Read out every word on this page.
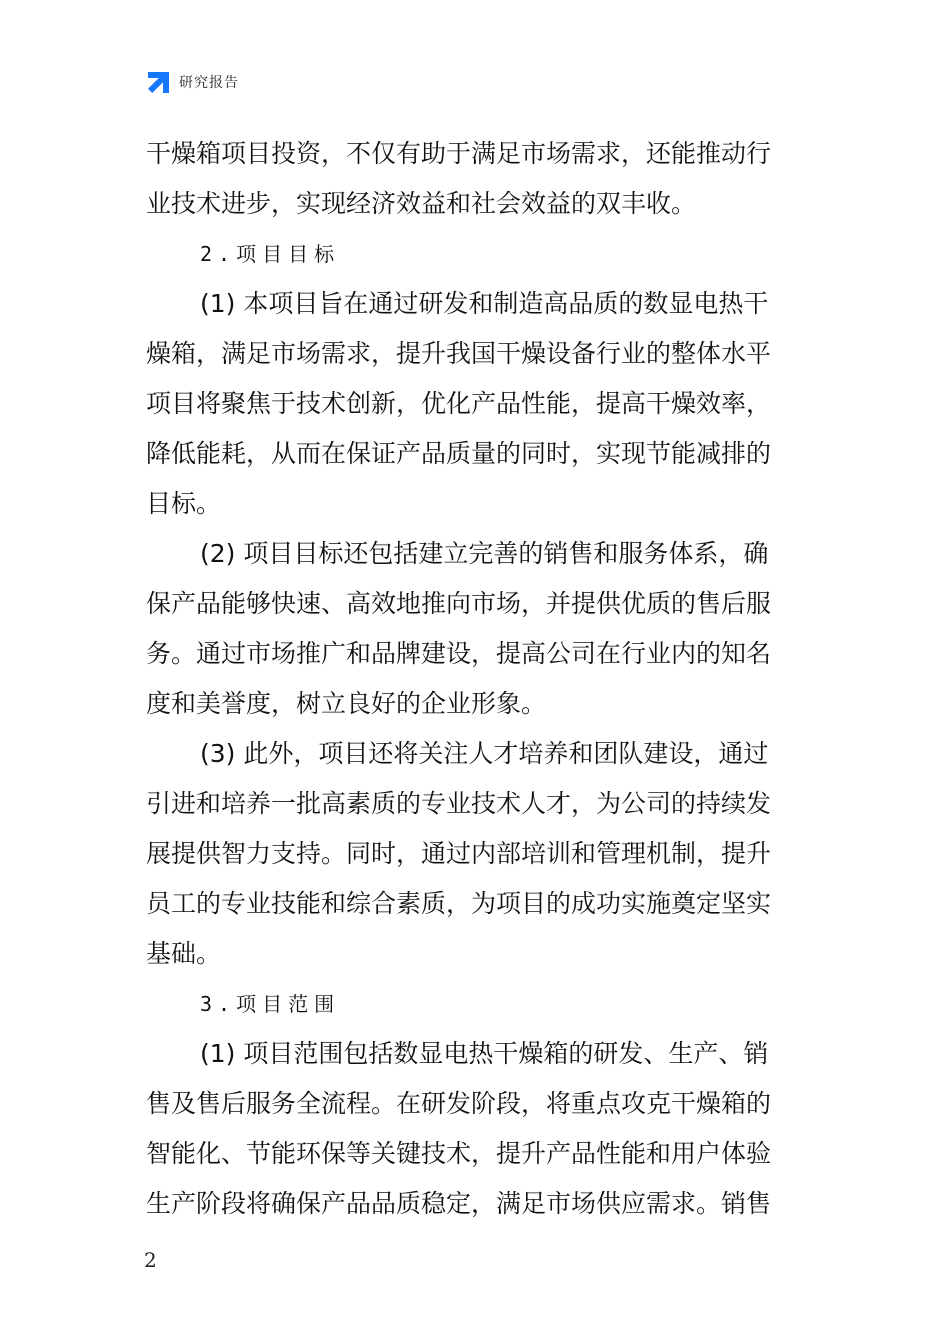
研究报告
干燥箱项目投资，不仅有助于满足市场需求，还能推动行
业技术进步，实现经济效益和社会效益的双丰收。
2.项目目标
(1) 本项目旨在通过研发和制造高品质的数显电热干
燥箱，满足市场需求，提升我国干燥设备行业的整体水平
项目将聚焦于技术创新，优化产品性能，提高干燥效率，
降低能耗，从而在保证产品质量的同时，实现节能减排的
目标。
(2) 项目目标还包括建立完善的销售和服务体系，确
保产品能够快速、高效地推向市场，并提供优质的售后服
务。通过市场推广和品牌建设，提高公司在行业内的知名
度和美誉度，树立良好的企业形象。
(3) 此外，项目还将关注人才培养和团队建设，通过
引进和培养一批高素质的专业技术人才，为公司的持续发
展提供智力支持。同时，通过内部培训和管理机制，提升
员工的专业技能和综合素质，为项目的成功实施奠定坚实
基础。
3.项目范围
(1) 项目范围包括数显电热干燥箱的研发、生产、销
售及售后服务全流程。在研发阶段，将重点攻克干燥箱的
智能化、节能环保等关键技术，提升产品性能和用户体验
生产阶段将确保产品品质稳定，满足市场供应需求。销售
2
